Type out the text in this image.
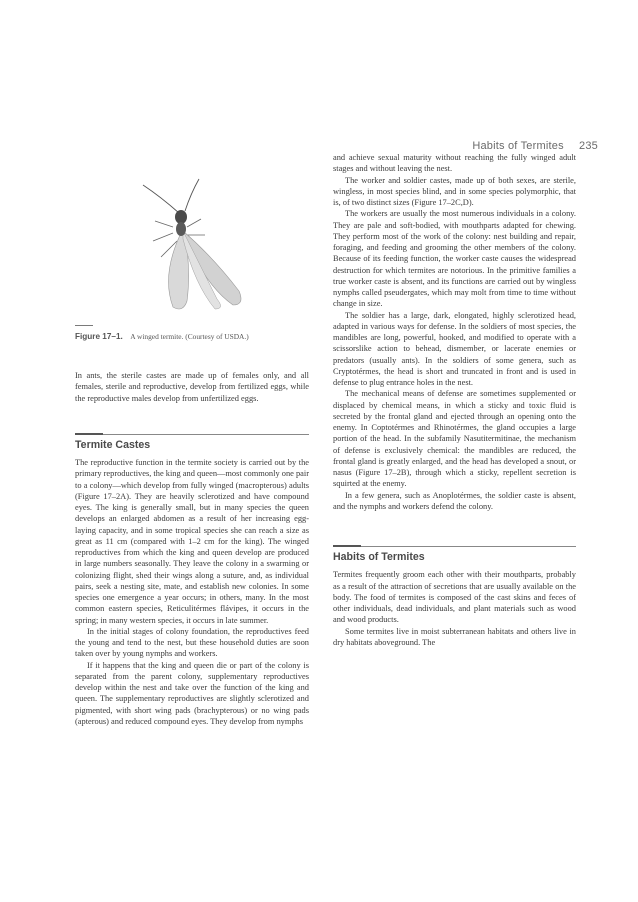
Habits of Termites 235
Figure 17–1. A winged termite. (Courtesy of USDA.)

In ants, the sterile castes are made up of females only, and all females, sterile and reproductive, develop from fertilized eggs, while the reproductive males develop from unfertilized eggs.

Termite Castes

The reproductive function in the termite society is carried out by the primary reproductives, the king and queen—most commonly one pair to a colony—which develop from fully winged (macropterous) adults (Figure 17–2A). They are heavily sclerotized and have compound eyes. The king is generally small, but in many species the queen develops an enlarged abdomen as a result of her increasing egg-laying capacity, and in some tropical species she can reach a size as great as 11 cm (compared with 1–2 cm for the king). The winged reproductives from which the king and queen develop are produced in large numbers seasonally. They leave the colony in a swarming or colonizing flight, shed their wings along a suture, and, as individual pairs, seek a nesting site, mate, and establish new colonies. In some species one emergence a year occurs; in others, many. In the most common eastern species, Reticulitérmes flávipes, it occurs in the spring; in many western species, it occurs in late summer.

In the initial stages of colony foundation, the reproductives feed the young and tend to the nest, but these household duties are soon taken over by young nymphs and workers.

If it happens that the king and queen die or part of the colony is separated from the parent colony, supplementary reproductives develop within the nest and take over the function of the king and queen. The supplementary reproductives are slightly sclerotized and pigmented, with short wing pads (brachypterous) or no wing pads (apterous) and reduced compound eyes. They develop from nymphs

and achieve sexual maturity without reaching the fully winged adult stages and without leaving the nest.

The worker and soldier castes, made up of both sexes, are sterile, wingless, in most species blind, and in some species polymorphic, that is, of two distinct sizes (Figure 17–2C,D).

The workers are usually the most numerous individuals in a colony. They are pale and soft-bodied, with mouthparts adapted for chewing. They perform most of the work of the colony: nest building and repair, foraging, and feeding and grooming the other members of the colony. Because of its feeding function, the worker caste causes the widespread destruction for which termites are notorious. In the primitive families a true worker caste is absent, and its functions are carried out by wingless nymphs called pseudergates, which may molt from time to time without change in size.

The soldier has a large, dark, elongated, highly sclerotized head, adapted in various ways for defense. In the soldiers of most species, the mandibles are long, powerful, hooked, and modified to operate with a scissorslike action to behead, dismember, or lacerate enemies or predators (usually ants). In the soldiers of some genera, such as Cryptotérmes, the head is short and truncated in front and is used in defense to plug entrance holes in the nest.

The mechanical means of defense are sometimes supplemented or displaced by chemical means, in which a sticky and toxic fluid is secreted by the frontal gland and ejected through an opening onto the enemy. In Coptotérmes and Rhinotérmes, the gland occupies a large portion of the head. In the subfamily Nasutitermitinae, the mechanism of defense is exclusively chemical: the mandibles are reduced, the frontal gland is greatly enlarged, and the head has developed a snout, or nasus (Figure 17–2B), through which a sticky, repellent secretion is squirted at the enemy.

In a few genera, such as Anoplotérmes, the soldier caste is absent, and the nymphs and workers defend the colony.

Habits of Termites

Termites frequently groom each other with their mouthparts, probably as a result of the attraction of secretions that are usually available on the body. The food of termites is composed of the cast skins and feces of other individuals, dead individuals, and plant materials such as wood and wood products.

Some termites live in moist subterranean habitats and others live in dry habitats aboveground. The
